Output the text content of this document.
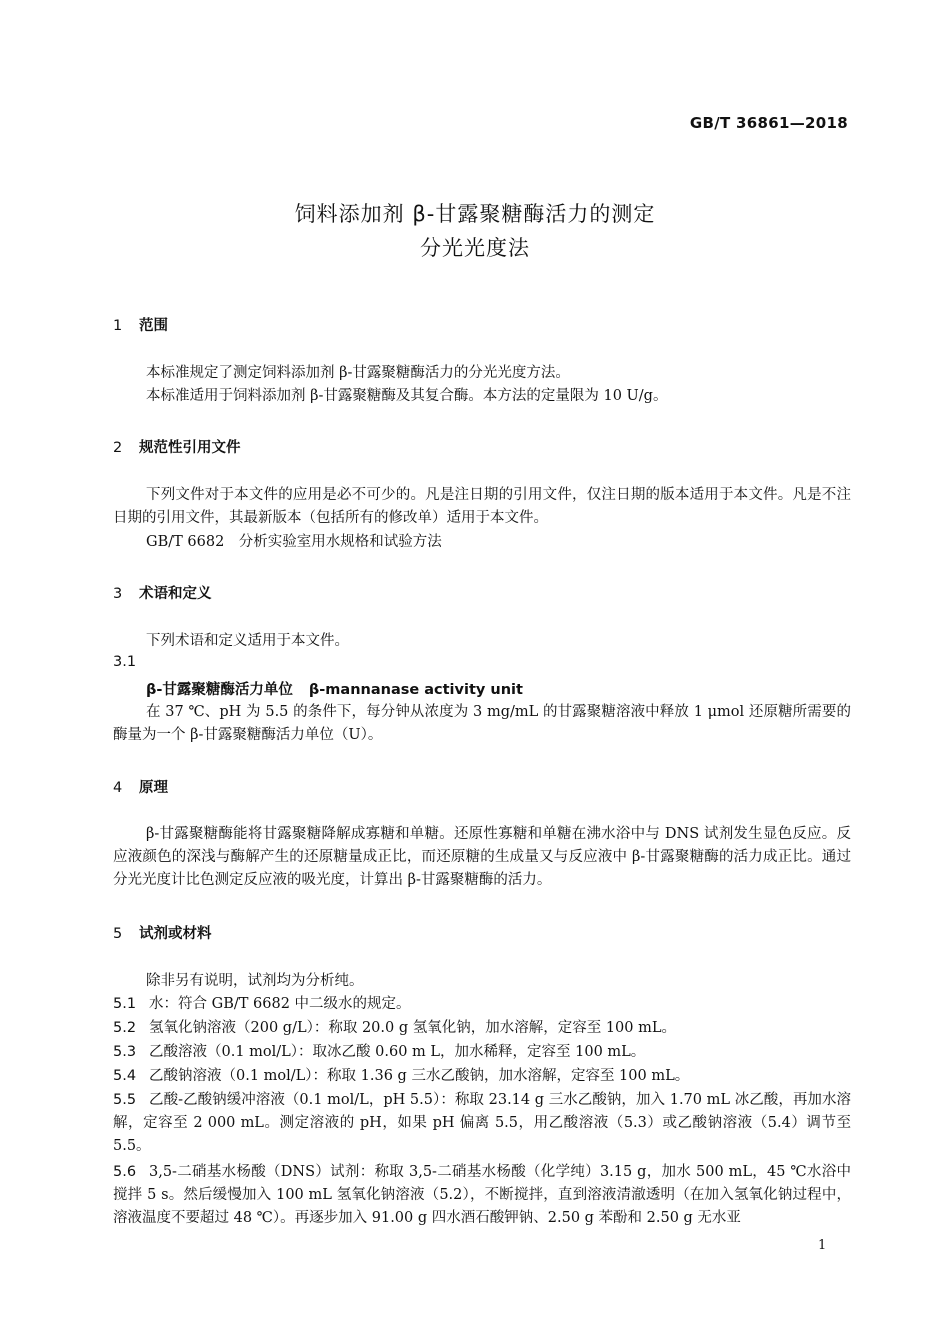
GB/T 36861—2018
饲料添加剂 β-甘露聚糖酶活力的测定
分光光度法
1 范围
本标准规定了测定饲料添加剂 β-甘露聚糖酶活力的分光光度方法。
本标准适用于饲料添加剂 β-甘露聚糖酶及其复合酶。本方法的定量限为 10 U/g。
2 规范性引用文件
下列文件对于本文件的应用是必不可少的。凡是注日期的引用文件，仅注日期的版本适用于本文件。凡是不注日期的引用文件，其最新版本（包括所有的修改单）适用于本文件。
GB/T 6682　分析实验室用水规格和试验方法
3 术语和定义
下列术语和定义适用于本文件。
3.1
β-甘露聚糖酶活力单位 β-mannanase activity unit
在 37 ℃、pH 为 5.5 的条件下，每分钟从浓度为 3 mg/mL 的甘露聚糖溶液中释放 1 μmol 还原糖所需要的酶量为一个 β-甘露聚糖酶活力单位（U）。
4 原理
β-甘露聚糖酶能将甘露聚糖降解成寡糖和单糖。还原性寡糖和单糖在沸水浴中与 DNS 试剂发生显色反应。反应液颜色的深浅与酶解产生的还原糖量成正比，而还原糖的生成量又与反应液中 β-甘露聚糖酶的活力成正比。通过分光光度计比色测定反应液的吸光度，计算出 β-甘露聚糖酶的活力。
5 试剂或材料
除非另有说明，试剂均为分析纯。
5.1 水：符合 GB/T 6682 中二级水的规定。
5.2 氢氧化钠溶液（200 g/L）：称取 20.0 g 氢氧化钠，加水溶解，定容至 100 mL。
5.3 乙酸溶液（0.1 mol/L）：取冰乙酸 0.60 m L，加水稀释，定容至 100 mL。
5.4 乙酸钠溶液（0.1 mol/L）：称取 1.36 g 三水乙酸钠，加水溶解，定容至 100 mL。
5.5 乙酸-乙酸钠缓冲溶液（0.1 mol/L，pH 5.5）：称取 23.14 g 三水乙酸钠，加入 1.70 mL 冰乙酸，再加水溶解，定容至 2 000 mL。测定溶液的 pH，如果 pH 偏离 5.5，用乙酸溶液（5.3）或乙酸钠溶液（5.4）调节至 5.5。
5.6 3,5-二硝基水杨酸（DNS）试剂：称取 3,5-二硝基水杨酸（化学纯）3.15 g，加水 500 mL，45 ℃水浴中搅拌 5 s。然后缓慢加入 100 mL 氢氧化钠溶液（5.2），不断搅拌，直到溶液清澈透明（在加入氢氧化钠过程中，溶液温度不要超过 48 ℃）。再逐步加入 91.00 g 四水酒石酸钾钠、2.50 g 苯酚和 2.50 g 无水亚
1
